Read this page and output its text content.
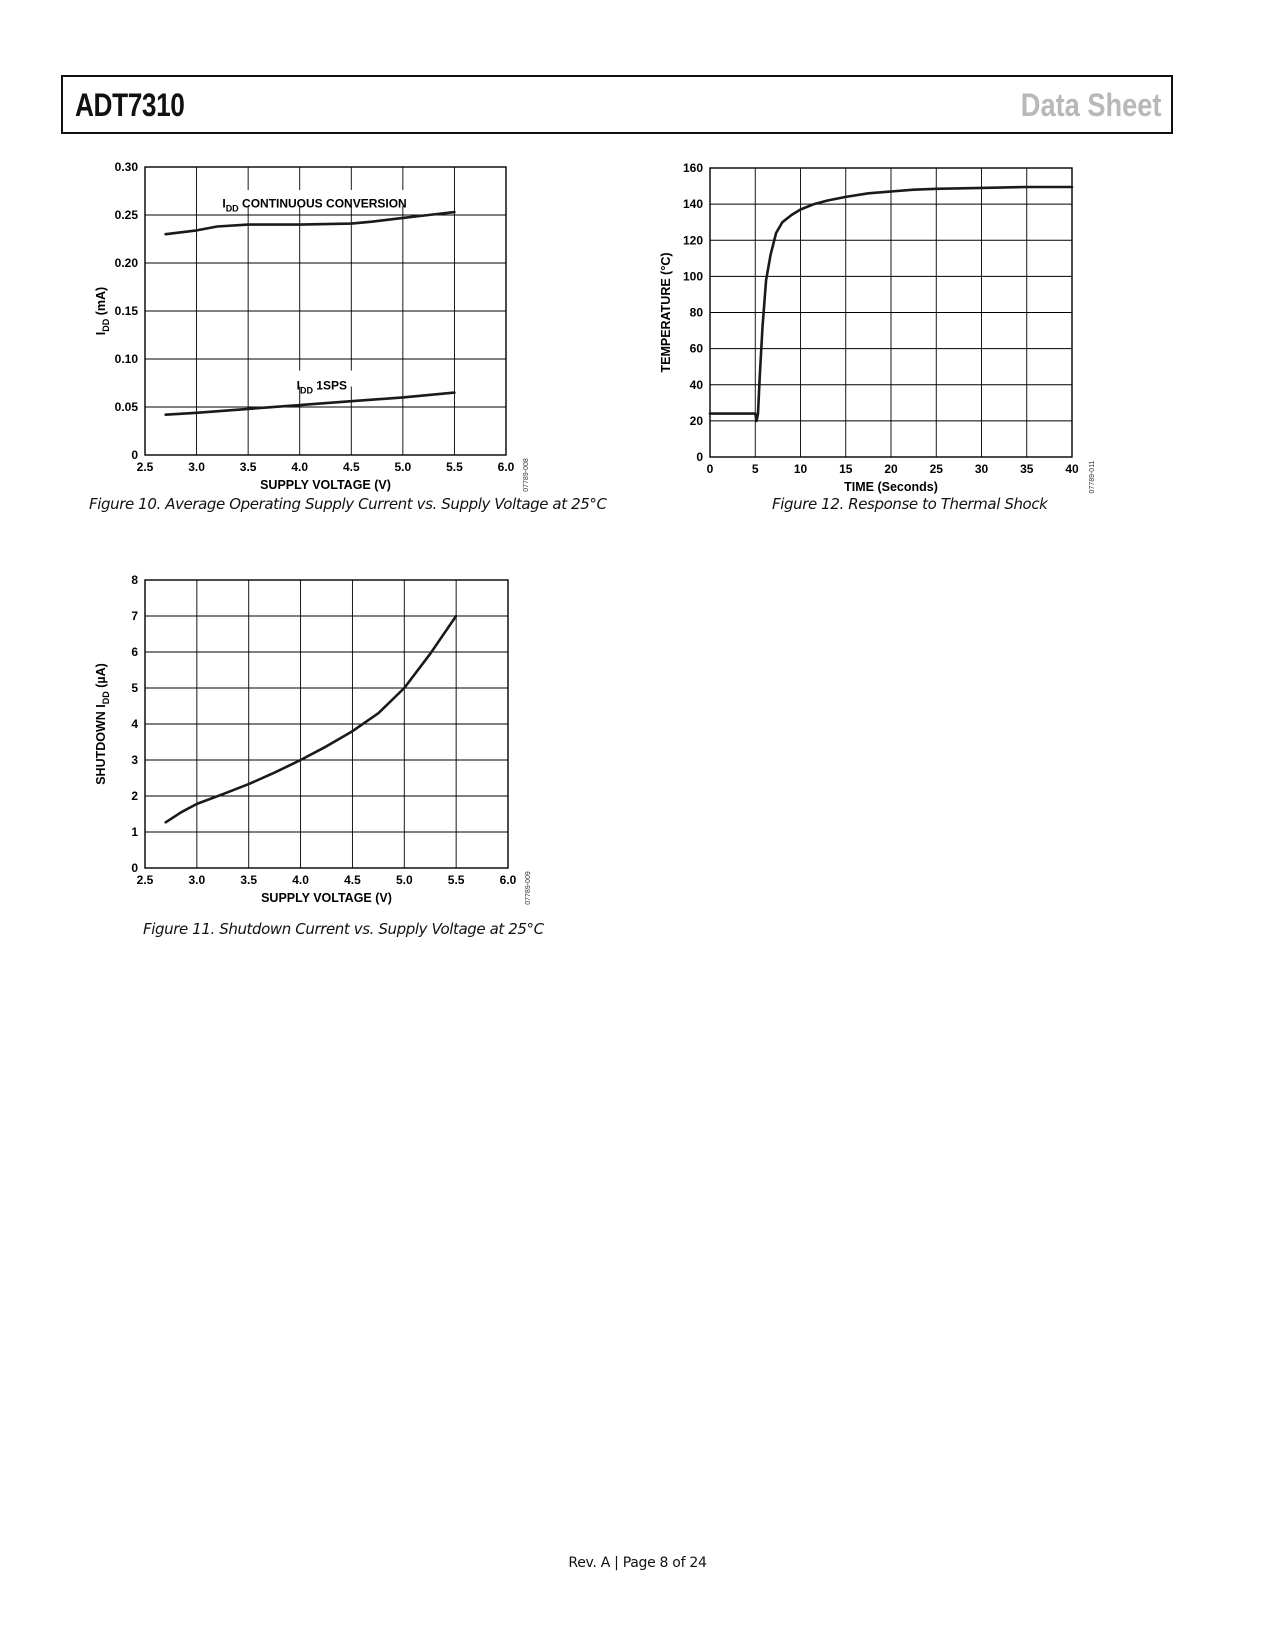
ADT7310	Data Sheet
2.5	3.0	3.5	4.0	4.5	5.0	5.5	6.0
0
0.05
0.10
0.15
0.20
0.25
0.30
SUPPLY VOLTAGE (V)
$I_{DD}$ (mA)
07789-008
$I_{DD}$ CONTINUOUS CONVERSION
$I_{DD}$ 1SPS
2.5	3.0	3.5	4.0	4.5	5.0	5.5	6.0
0
1
2
3
4
5
6
7
8
SUPPLY VOLTAGE (V)
SHUTDOWN $I_{DD}$ (µA)
07789-009
0	5	10	15	20	25	30	35	40
0
20
40
60
80
100
120
140
160
TIME (Seconds)
TEMPERATURE (°C)
07789-011
Figure 10. Average Operating Supply Current vs. Supply Voltage at 25°C	Figure 12. Response to Thermal Shock
Figure 11. Shutdown Current vs. Supply Voltage at 25°C
Rev. A | Page 8 of 24
